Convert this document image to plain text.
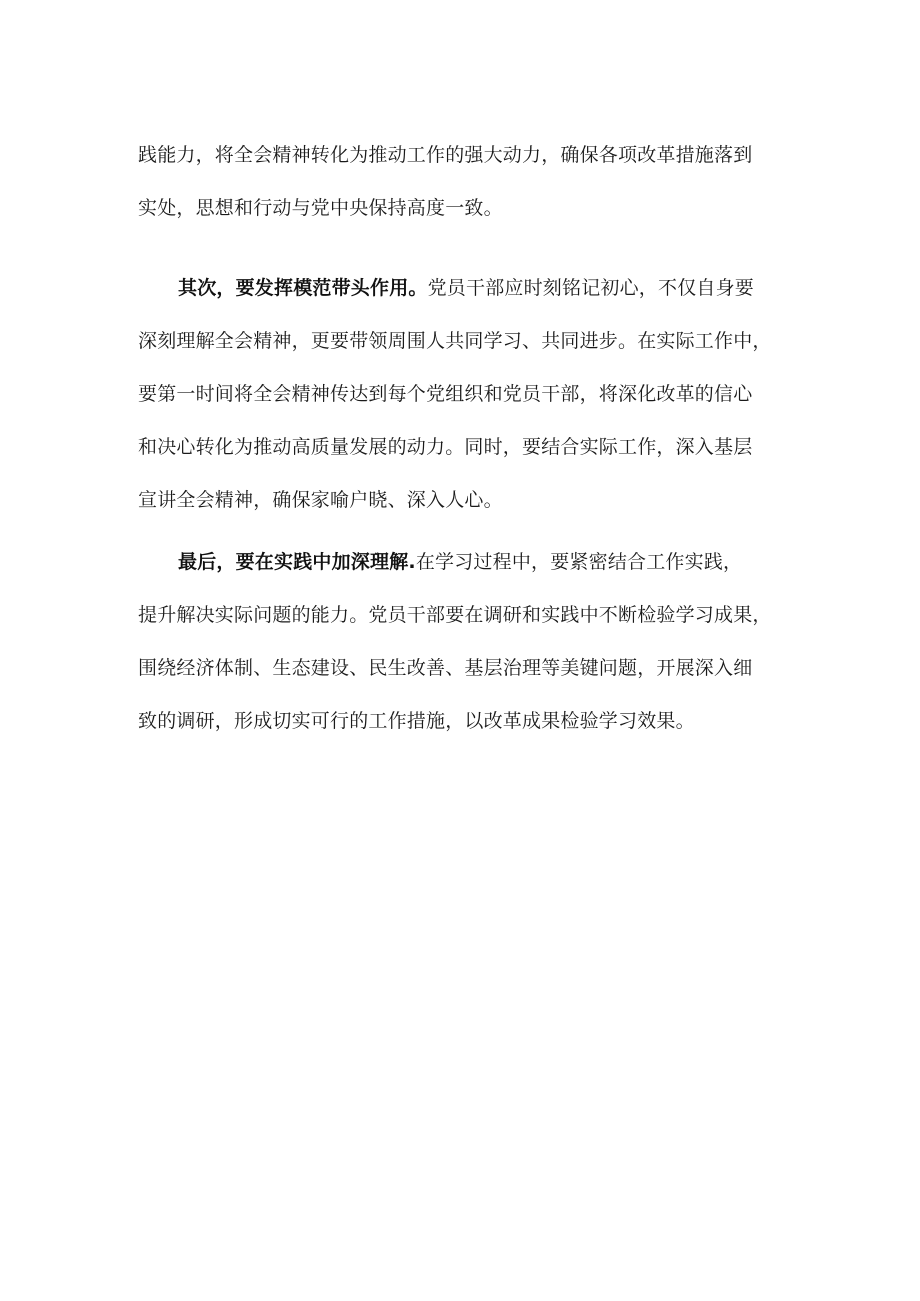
践能力，将全会精神转化为推动工作的强大动力，确保各项改革措施落到
实处，思想和行动与党中央保持高度一致。
其次，要发挥模范带头作用。党员干部应时刻铭记初心，不仅自身要
深刻理解全会精神，更要带领周围人共同学习、共同进步。在实际工作中，
要第一时间将全会精神传达到每个党组织和党员干部，将深化改革的信心
和决心转化为推动高质量发展的动力。同时，要结合实际工作，深入基层
宣讲全会精神，确保家喻户晓、深入人心。
最后，要在实践中加深理解.在学习过程中，要紧密结合工作实践，
提升解决实际问题的能力。党员干部要在调研和实践中不断检验学习成果，
围绕经济体制、生态建设、民生改善、基层治理等美键问题，开展深入细
致的调研，形成切实可行的工作措施，以改革成果检验学习效果。
